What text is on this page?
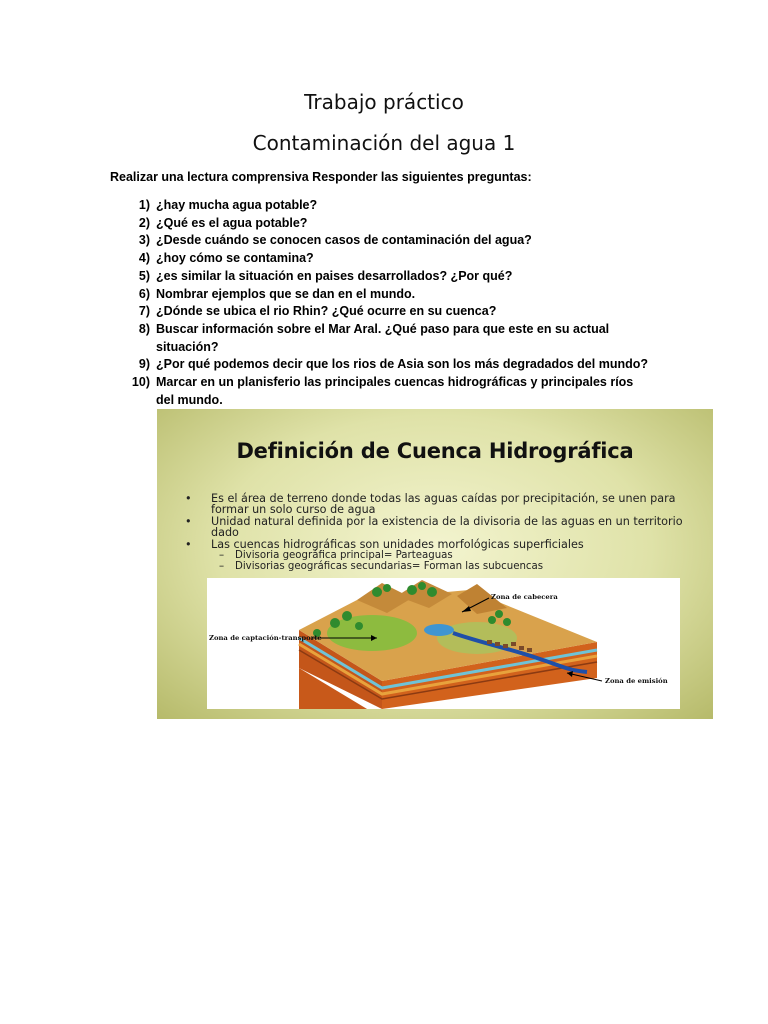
Trabajo práctico
Contaminación del agua 1
Realizar una lectura comprensiva Responder las siguientes preguntas:
1) ¿hay mucha agua potable?
2) ¿Qué es el agua potable?
3) ¿Desde cuándo se conocen casos de contaminación del agua?
4) ¿hoy cómo se contamina?
5) ¿es similar la situación en paises desarrollados? ¿Por qué?
6) Nombrar ejemplos que se dan en el mundo.
7) ¿Dónde se ubica el rio Rhin? ¿Qué ocurre en su cuenca?
8) Buscar información sobre el Mar Aral. ¿Qué paso para que este en su actual situación?
9) ¿Por qué podemos decir que los rios de Asia son los más degradados del mundo?
10) Marcar en un planisferio las principales cuencas hidrográficas y principales ríos del mundo.
Definición de Cuenca Hidrográfica
• Es el área de terreno donde todas las aguas caídas por precipitación, se unen para formar un solo curso de agua
• Unidad natural definida por la existencia de la divisoria de las aguas en un territorio dado
• Las cuencas hidrográficas son unidades morfológicas superficiales
– Divisoria geográfica principal= Parteaguas
– Divisorias geográficas secundarias= Forman las subcuencas
Zona de cabecera
Zona de captación-transporte
Zona de emisión
